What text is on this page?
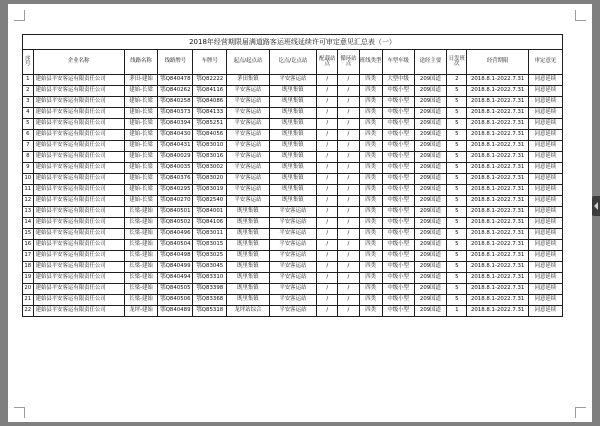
2018年经营期限届满道路客运班线延续许可审定意见汇总表（一）														
序号	企业名称	线路名称	线路牌号	车牌号	起点/起点站	讫点/讫点站	配载站点	循环站点	班线类型	车型车级	途经主要	日发班次	经营期限	审定意见
1	建始县平安客运有限责任公司	茅田-建始	鄂Q840478	鄂Q82222	茅田集镇	平安客运站	/	/	四类	大型中级	209国道	2	2018.8.1-2022.7.31	同意延续
2	建始县平安客运有限责任公司	建始-长梁	鄂Q840262	鄂Q84116	平安客运站	既里集镇	/	/	四类	中级小型	209国道	5	2018.8.1-2022.7.31	同意延续
3	建始县平安客运有限责任公司	建始-长梁	鄂Q840258	鄂Q84086	平安客运站	既里集镇	/	/	四类	中级小型	209国道	5	2018.8.1-2022.7.31	同意延续
4	建始县平安客运有限责任公司	建始-长梁	鄂Q840373	鄂Q84133	平安客运站	既里集镇	/	/	四类	中级小型	209国道	5	2018.8.1-2022.7.31	同意延续
5	建始县平安客运有限责任公司	建始-长梁	鄂Q840394	鄂Q85251	平安客运站	既里集镇	/	/	四类	中级小型	209国道	5	2018.8.1-2022.7.31	同意延续
6	建始县平安客运有限责任公司	建始-长梁	鄂Q840430	鄂Q84056	平安客运站	既里集镇	/	/	四类	中级小型	209国道	5	2018.8.1-2022.7.31	同意延续
7	建始县平安客运有限责任公司	建始-长梁	鄂Q840431	鄂Q83010	平安客运站	既里集镇	/	/	四类	中级小型	209国道	5	2018.8.1-2022.7.31	同意延续
8	建始县平安客运有限责任公司	建始-长梁	鄂Q840029	鄂Q83016	平安客运站	既里集镇	/	/	四类	中级小型	209国道	5	2018.8.1-2022.7.31	同意延续
9	建始县平安客运有限责任公司	建始-长梁	鄂Q840035	鄂Q83002	平安客运站	既里集镇	/	/	四类	中级小型	209国道	5	2018.8.1-2022.7.31	同意延续
10	建始县平安客运有限责任公司	建始-长梁	鄂Q840376	鄂Q83020	平安客运站	既里集镇	/	/	四类	中级小型	209国道	5	2018.8.1-2022.7.31	同意延续
11	建始县平安客运有限责任公司	建始-长梁	鄂Q840295	鄂Q83019	平安客运站	既里集镇	/	/	四类	中级小型	209国道	5	2018.8.1-2022.7.31	同意延续
12	建始县平安客运有限责任公司	建始-长梁	鄂Q840270	鄂Q82540	平安客运站	既里集镇	/	/	四类	中级小型	209国道	5	2018.8.1-2022.7.31	同意延续
13	建始县平安客运有限责任公司	长梁-建始	鄂Q840501	鄂Q84001	既里集镇	平安客运站	/	/	四类	中级小型	209国道	5	2018.8.1-2022.7.31	同意延续
14	建始县平安客运有限责任公司	长梁-建始	鄂Q840502	鄂Q84106	既里集镇	平安客运站	/	/	四类	中级小型	209国道	5	2018.8.1-2022.7.31	同意延续
15	建始县平安客运有限责任公司	长梁-建始	鄂Q840496	鄂Q83011	既里集镇	平安客运站	/	/	四类	中级小型	209国道	5	2018.8.1-2022.7.31	同意延续
16	建始县平安客运有限责任公司	长梁-建始	鄂Q840504	鄂Q83015	既里集镇	平安客运站	/	/	四类	中级小型	209国道	5	2018.8.1-2022.7.31	同意延续
17	建始县平安客运有限责任公司	长梁-建始	鄂Q840498	鄂Q83025	既里集镇	平安客运站	/	/	四类	中级小型	209国道	5	2018.8.1-2022.7.31	同意延续
18	建始县平安客运有限责任公司	长梁-建始	鄂Q840499	鄂Q83045	既里集镇	平安客运站	/	/	四类	中级小型	209国道	5	2018.8.1-2022.7.31	同意延续
19	建始县平安客运有限责任公司	长梁-建始	鄂Q840494	鄂Q83310	既里集镇	平安客运站	/	/	四类	中级小型	209国道	5	2018.8.1-2022.7.31	同意延续
20	建始县平安客运有限责任公司	长梁-建始	鄂Q840505	鄂Q83398	既里集镇	平安客运站	/	/	四类	中级小型	209国道	5	2018.8.1-2022.7.31	同意延续
21	建始县平安客运有限责任公司	长梁-建始	鄂Q840506	鄂Q83368	既里集镇	平安客运站	/	/	四类	中级小型	209国道	5	2018.8.1-2022.7.31	同意延续
22	建始县平安客运有限责任公司	龙坪-建始	鄂Q840489	鄂Q85318	龙坪站综合	平安客运站	/	/	四类	中级小型	209国道	1	2018.8.1-2022.7.31	同意延续
